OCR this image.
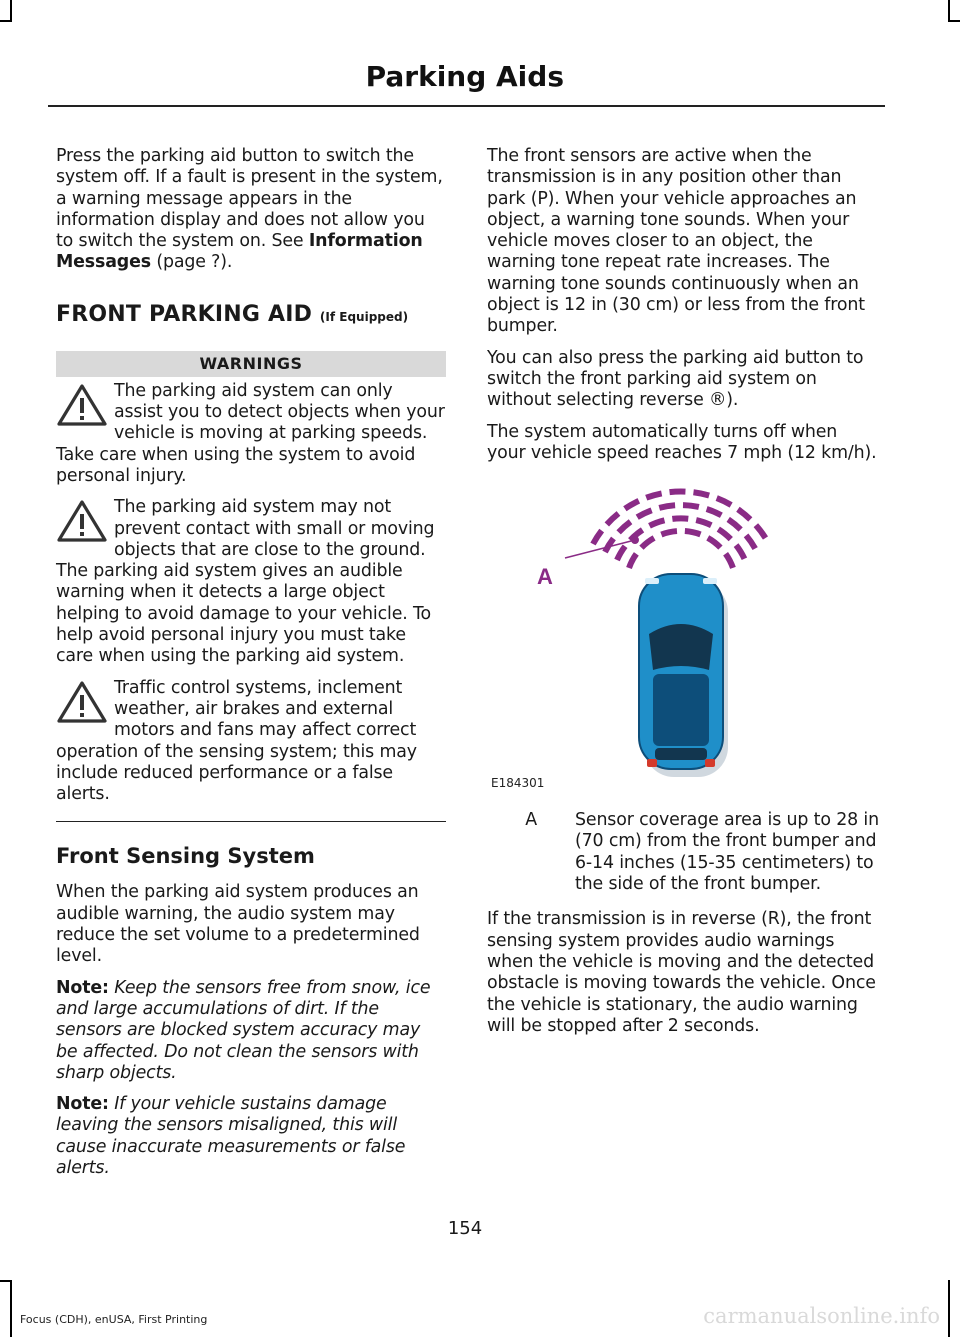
Parking Aids

Press the parking aid button to switch the system off. If a fault is present in the system, a warning message appears in the information display and does not allow you to switch the system on. See Information Messages (page ?).

FRONT PARKING AID (If Equipped)
WARNINGS

The parking aid system can only assist you to detect objects when your vehicle is moving at parking speeds. Take care when using the system to avoid personal injury.

The parking aid system may not prevent contact with small or moving objects that are close to the ground. The parking aid system gives an audible warning when it detects a large object helping to avoid damage to your vehicle. To help avoid personal injury you must take care when using the parking aid system.

Traffic control systems, inclement weather, air brakes and external motors and fans may affect correct operation of the sensing system; this may include reduced performance or a false alerts.

Front Sensing System

When the parking aid system produces an audible warning, the audio system may reduce the set volume to a predetermined level.

Note: Keep the sensors free from snow, ice and large accumulations of dirt. If the sensors are blocked system accuracy may be affected. Do not clean the sensors with sharp objects.

Note: If your vehicle sustains damage leaving the sensors misaligned, this will cause inaccurate measurements or false alerts.

The front sensors are active when the transmission is in any position other than park (P). When your vehicle approaches an object, a warning tone sounds. When your vehicle moves closer to an object, the warning tone repeat rate increases. The warning tone sounds continuously when an object is 12 in (30 cm) or less from the front bumper.

You can also press the parking aid button to switch the front parking aid system on without selecting reverse ®).

The system automatically turns off when your vehicle speed reaches 7 mph (12 km/h).

A
E184301
A	Sensor coverage area is up to 28 in (70 cm) from the front bumper and 6-14 inches (15-35 centimeters) to the side of the front bumper.

If the transmission is in reverse (R), the front sensing system provides audio warnings when the vehicle is moving and the detected obstacle is moving towards the vehicle. Once the vehicle is stationary, the audio warning will be stopped after 2 seconds.

154
Focus (CDH), enUSA, First Printing	carmanualsonline.info
